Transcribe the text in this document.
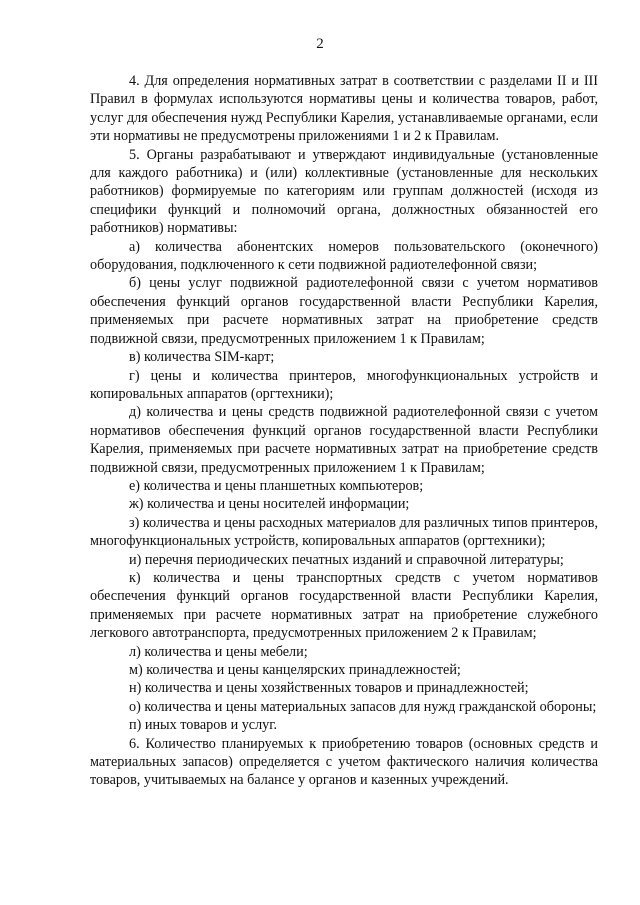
2

4. Для определения нормативных затрат в соответствии с разделами II и III Правил в формулах используются нормативы цены и количества товаров, работ, услуг для обеспечения нужд Республики Карелия, устанавливаемые органами, если эти нормативы не предусмотрены приложениями 1 и 2 к Правилам.

5. Органы разрабатывают и утверждают индивидуальные (установленные для каждого работника) и (или) коллективные (установленные для нескольких работников) формируемые по категориям или группам должностей (исходя из специфики функций и полномочий органа, должностных обязанностей его работников) нормативы:

а) количества абонентских номеров пользовательского (оконечного) оборудования, подключенного к сети подвижной радиотелефонной связи;

б) цены услуг подвижной радиотелефонной связи с учетом нормативов обеспечения функций органов государственной власти Республики Карелия, применяемых при расчете нормативных затрат на приобретение средств подвижной связи, предусмотренных приложением 1 к Правилам;

в) количества SIM-карт;

г) цены и количества принтеров, многофункциональных устройств и копировальных аппаратов (оргтехники);

д) количества и цены средств подвижной радиотелефонной связи с учетом нормативов обеспечения функций органов государственной власти Республики Карелия, применяемых при расчете нормативных затрат на приобретение средств подвижной связи, предусмотренных приложением 1 к Правилам;

е) количества и цены планшетных компьютеров;

ж) количества и цены носителей информации;

з) количества и цены расходных материалов для различных типов принтеров, многофункциональных устройств, копировальных аппаратов (оргтехники);

и) перечня периодических печатных изданий и справочной литературы;

к) количества и цены транспортных средств с учетом нормативов обеспечения функций органов государственной власти Республики Карелия, применяемых при расчете нормативных затрат на приобретение служебного легкового автотранспорта, предусмотренных приложением 2 к Правилам;

л) количества и цены мебели;

м) количества и цены канцелярских принадлежностей;

н) количества и цены хозяйственных товаров и принадлежностей;

о) количества и цены материальных запасов для нужд гражданской обороны;

п) иных товаров и услуг.

6. Количество планируемых к приобретению товаров (основных средств и материальных запасов) определяется с учетом фактического наличия количества товаров, учитываемых на балансе у органов и казенных учреждений.
